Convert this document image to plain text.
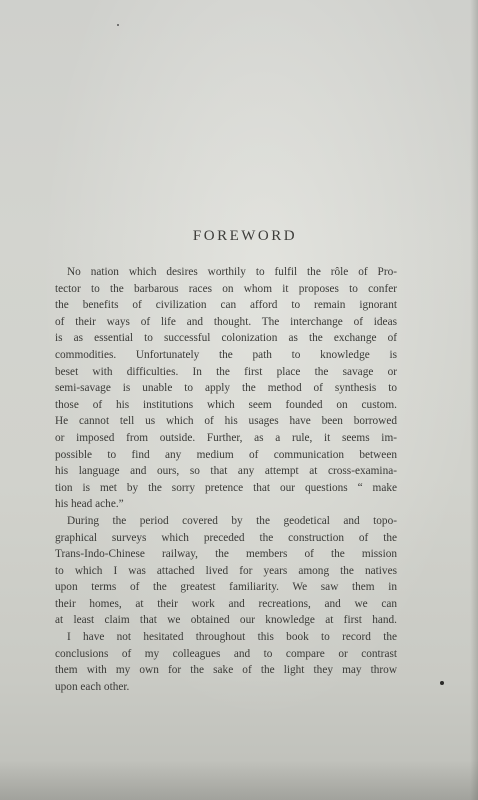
FOREWORD
No nation which desires worthily to fulfil the rôle of Pro-
tector to the barbarous races on whom it proposes to confer
the benefits of civilization can afford to remain ignorant
of their ways of life and thought. The interchange of ideas
is as essential to successful colonization as the exchange of
commodities. Unfortunately the path to knowledge is
beset with difficulties. In the first place the savage or
semi-savage is unable to apply the method of synthesis to
those of his institutions which seem founded on custom.
He cannot tell us which of his usages have been borrowed
or imposed from outside. Further, as a rule, it seems im-
possible to find any medium of communication between
his language and ours, so that any attempt at cross-examina-
tion is met by the sorry pretence that our questions “ make
his head ache.”
During the period covered by the geodetical and topo-
graphical surveys which preceded the construction of the
Trans-Indo-Chinese railway, the members of the mission
to which I was attached lived for years among the natives
upon terms of the greatest familiarity. We saw them in
their homes, at their work and recreations, and we can
at least claim that we obtained our knowledge at first hand.
I have not hesitated throughout this book to record the
conclusions of my colleagues and to compare or contrast
them with my own for the sake of the light they may throw
upon each other.
